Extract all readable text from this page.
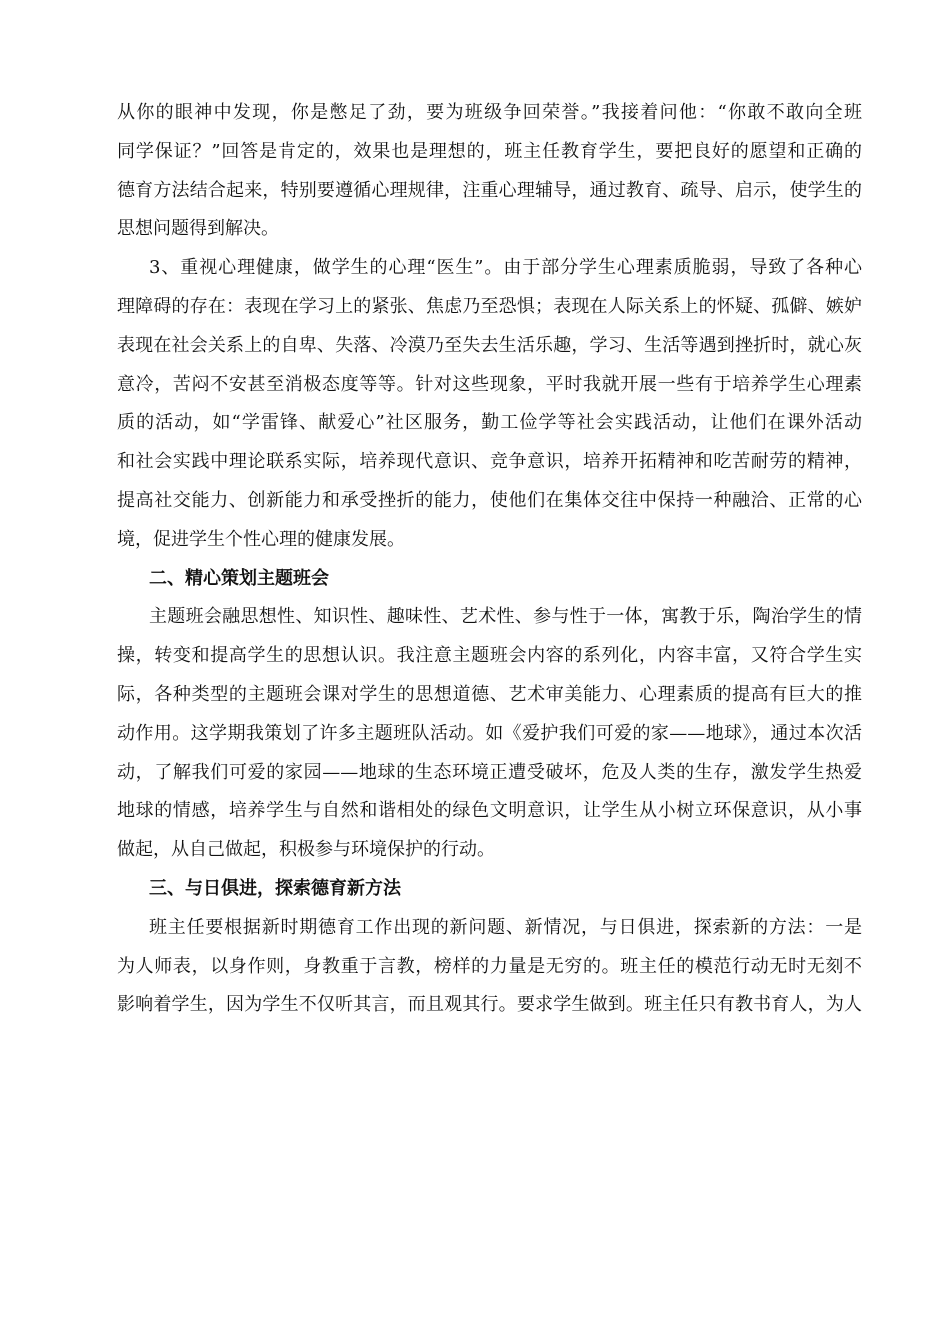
从你的眼神中发现，你是憋足了劲，要为班级争回荣誉。”我接着问他：“你敢不敢向全班
同学保证？”回答是肯定的，效果也是理想的，班主任教育学生，要把良好的愿望和正确的
德育方法结合起来，特别要遵循心理规律，注重心理辅导，通过教育、疏导、启示，使学生的
思想问题得到解决。
3、重视心理健康，做学生的心理“医生”。由于部分学生心理素质脆弱，导致了各种心
理障碍的存在：表现在学习上的紧张、焦虑乃至恐惧；表现在人际关系上的怀疑、孤僻、嫉妒
表现在社会关系上的自卑、失落、冷漠乃至失去生活乐趣，学习、生活等遇到挫折时，就心灰
意冷，苦闷不安甚至消极态度等等。针对这些现象，平时我就开展一些有于培养学生心理素
质的活动，如“学雷锋、献爱心”社区服务，勤工俭学等社会实践活动，让他们在课外活动
和社会实践中理论联系实际，培养现代意识、竞争意识，培养开拓精神和吃苦耐劳的精神，
提高社交能力、创新能力和承受挫折的能力，使他们在集体交往中保持一种融洽、正常的心
境，促进学生个性心理的健康发展。
二、精心策划主题班会
主题班会融思想性、知识性、趣味性、艺术性、参与性于一体，寓教于乐，陶治学生的情
操，转变和提高学生的思想认识。我注意主题班会内容的系列化，内容丰富，又符合学生实
际，各种类型的主题班会课对学生的思想道德、艺术审美能力、心理素质的提高有巨大的推
动作用。这学期我策划了许多主题班队活动。如《爱护我们可爱的家——地球》，通过本次活
动，了解我们可爱的家园——地球的生态环境正遭受破坏，危及人类的生存，激发学生热爱
地球的情感，培养学生与自然和谐相处的绿色文明意识，让学生从小树立环保意识，从小事
做起，从自己做起，积极参与环境保护的行动。
三、与日俱进，探索德育新方法
班主任要根据新时期德育工作出现的新问题、新情况，与日俱进，探索新的方法：一是
为人师表，以身作则，身教重于言教，榜样的力量是无穷的。班主任的模范行动无时无刻不
影响着学生，因为学生不仅听其言，而且观其行。要求学生做到。班主任只有教书育人，为人
